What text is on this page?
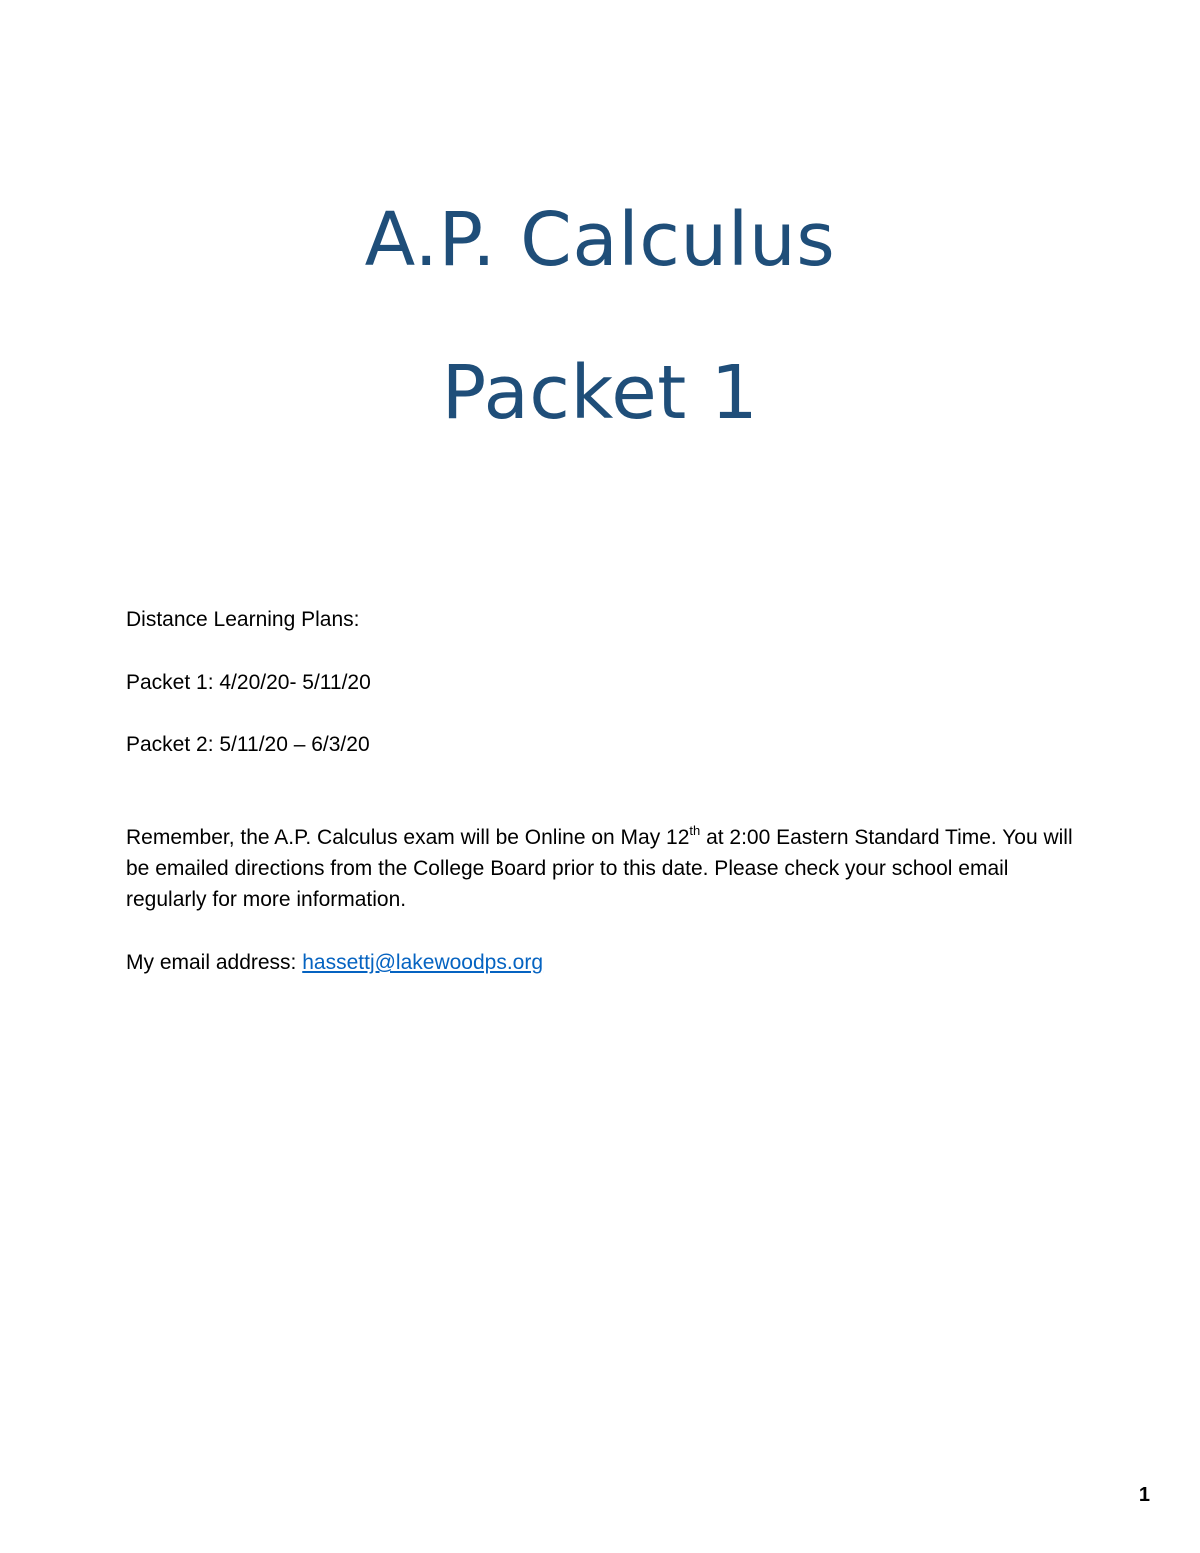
A.P. Calculus
Packet 1

Distance Learning Plans:

Packet 1: 4/20/20- 5/11/20

Packet 2: 5/11/20 – 6/3/20

Remember, the A.P. Calculus exam will be Online on May 12th at 2:00 Eastern Standard Time. You will be emailed directions from the College Board prior to this date. Please check your school email regularly for more information.

My email address: hassettj@lakewoodps.org

1
